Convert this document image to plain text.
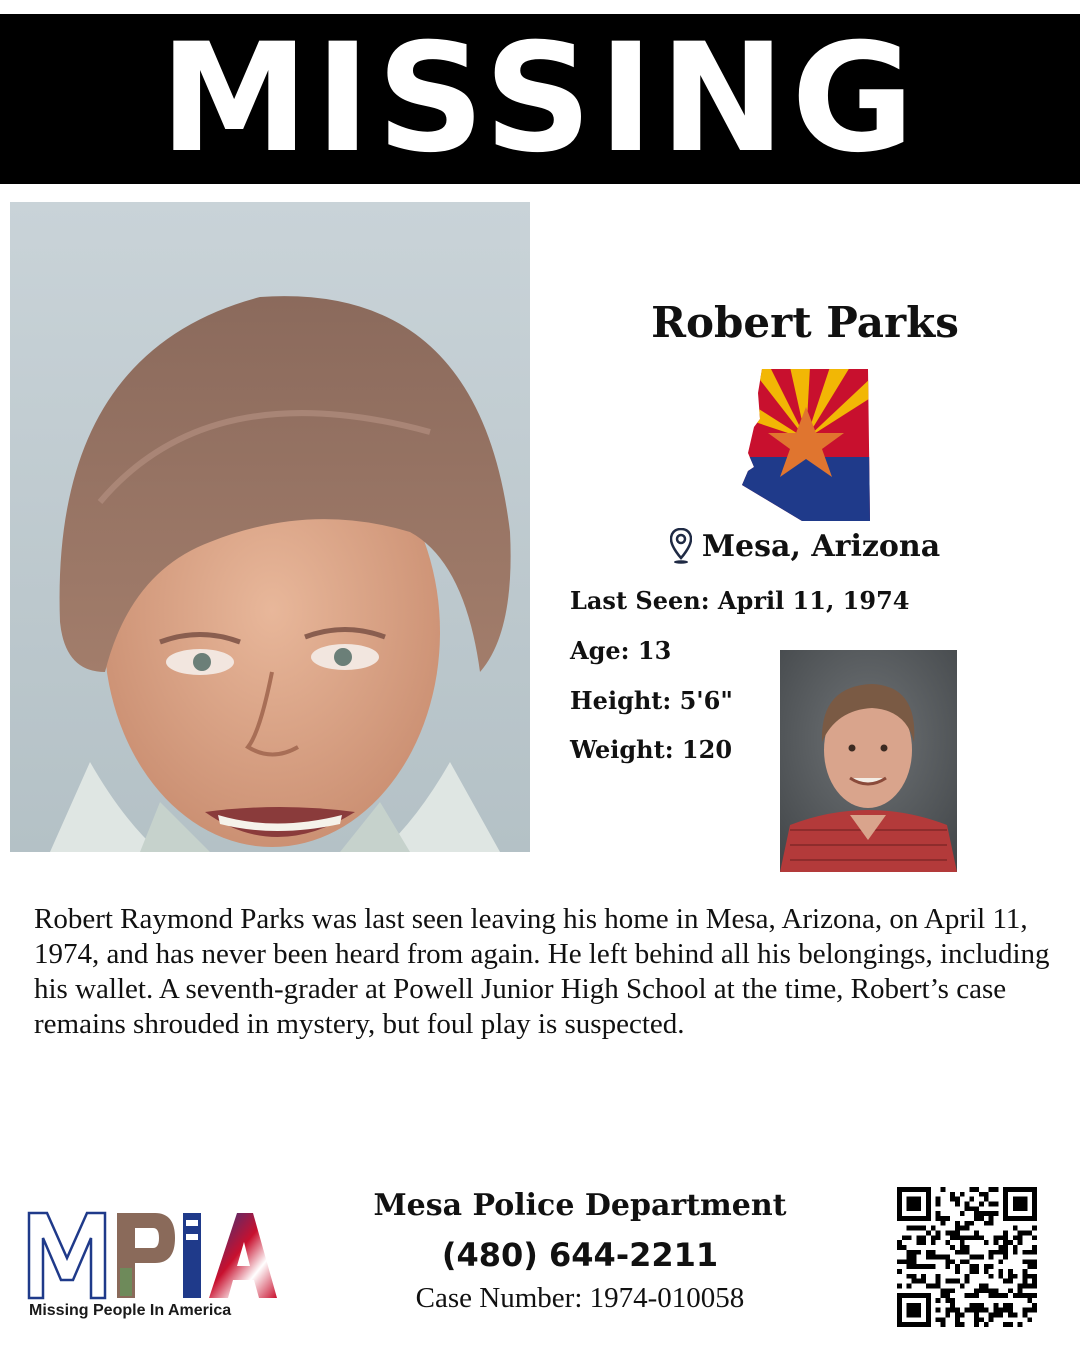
MISSING
Robert Parks
Mesa, Arizona
Last Seen : April 11, 1974
Age : 13
Height : 5'6"
Weight : 120
Robert Raymond Parks was last seen leaving his home in Mesa, Arizona, on April 11, 1974, and has never been heard from again. He left behind all his belongings, including his wallet. A seventh-grader at Powell Junior High School at the time, Robert’s case remains shrouded in mystery, but foul play is suspected.
Missing People In America
Mesa Police Department
(480) 644-2211
Case Number: 1974-010058
